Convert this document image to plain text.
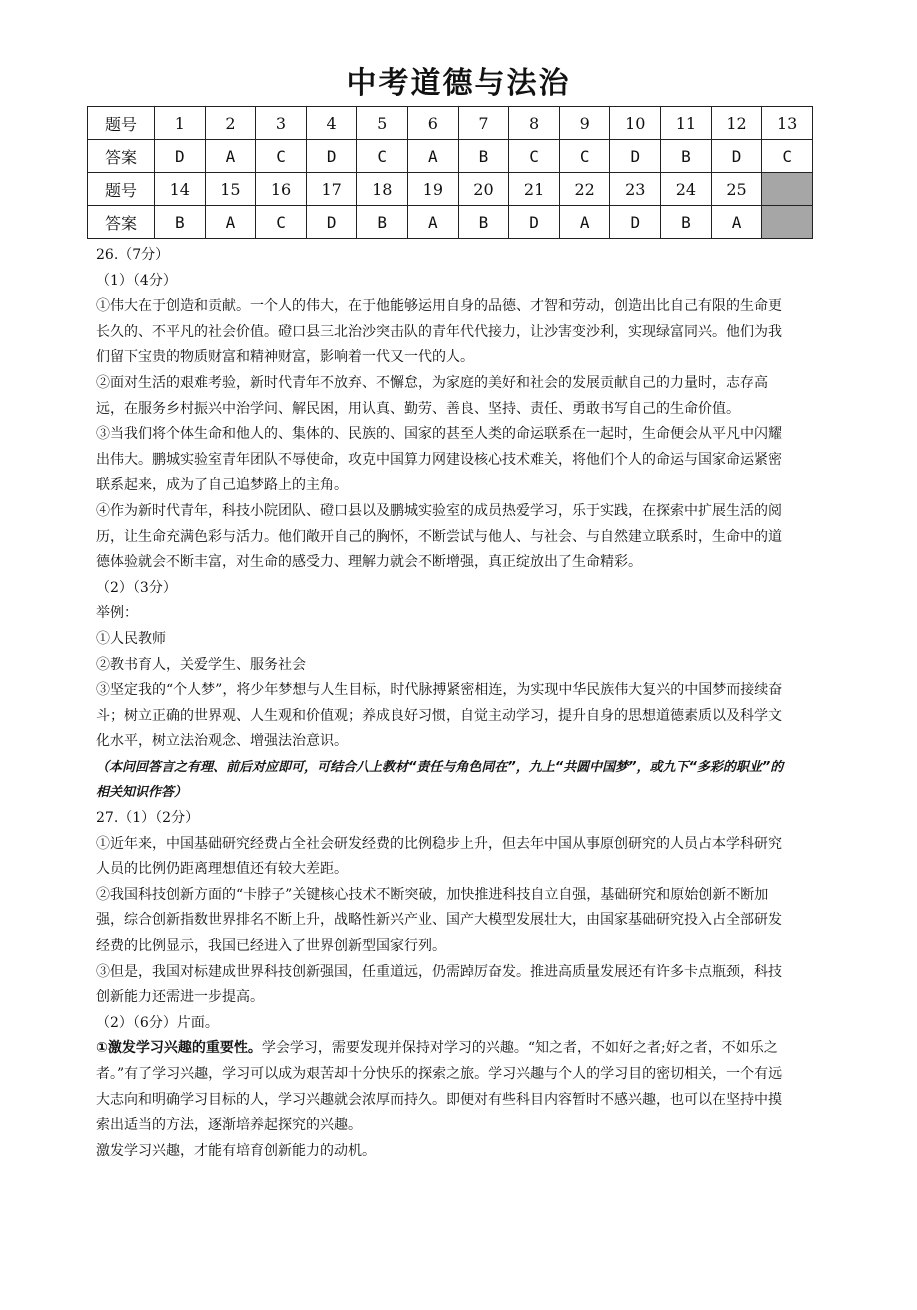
中考道德与法治
题号	1	2	3	4	5	6	7	8	9	10	11	12	13
答案	D	A	C	D	C	A	B	C	C	D	B	D	C
题号	14	15	16	17	18	19	20	21	22	23	24	25	
答案	B	A	C	D	B	A	B	D	A	D	B	A	

26.（7分）

（1）（4分）

①伟大在于创造和贡献。一个人的伟大，在于他能够运用自身的品德、才智和劳动，创造出比自己有限的生命更长久的、不平凡的社会价值。磴口县三北治沙突击队的青年代代接力，让沙害变沙利，实现绿富同兴。他们为我们留下宝贵的物质财富和精神财富，影响着一代又一代的人。

②面对生活的艰难考验，新时代青年不放弃、不懈怠，为家庭的美好和社会的发展贡献自己的力量时，志存高远，在服务乡村振兴中治学问、解民困，用认真、勤劳、善良、坚持、责任、勇敢书写自己的生命价值。

③当我们将个体生命和他人的、集体的、民族的、国家的甚至人类的命运联系在一起时，生命便会从平凡中闪耀出伟大。鹏城实验室青年团队不辱使命，攻克中国算力网建设核心技术难关，将他们个人的命运与国家命运紧密联系起来，成为了自己追梦路上的主角。

④作为新时代青年，科技小院团队、磴口县以及鹏城实验室的成员热爱学习，乐于实践，在探索中扩展生活的阅历，让生命充满色彩与活力。他们敞开自己的胸怀，不断尝试与他人、与社会、与自然建立联系时，生命中的道德体验就会不断丰富，对生命的感受力、理解力就会不断增强，真正绽放出了生命精彩。

（2）（3分）

举例：

①人民教师

②教书育人，关爱学生、服务社会

③坚定我的“个人梦”，将少年梦想与人生目标，时代脉搏紧密相连，为实现中华民族伟大复兴的中国梦而接续奋斗；树立正确的世界观、人生观和价值观；养成良好习惯，自觉主动学习，提升自身的思想道德素质以及科学文化水平，树立法治观念、增强法治意识。

（本问回答言之有理、前后对应即可，可结合八上教材“责任与角色同在”，九上“共圆中国梦”，或九下“多彩的职业”的相关知识作答）

27.（1）（2分）

①近年来，中国基础研究经费占全社会研发经费的比例稳步上升，但去年中国从事原创研究的人员占本学科研究人员的比例仍距离理想值还有较大差距。

②我国科技创新方面的“卡脖子”关键核心技术不断突破，加快推进科技自立自强，基础研究和原始创新不断加强，综合创新指数世界排名不断上升，战略性新兴产业、国产大模型发展壮大，由国家基础研究投入占全部研发经费的比例显示，我国已经进入了世界创新型国家行列。

③但是，我国对标建成世界科技创新强国，任重道远，仍需踔厉奋发。推进高质量发展还有许多卡点瓶颈，科技创新能力还需进一步提高。

（2）（6分）片面。

①激发学习兴趣的重要性。学会学习，需要发现并保持对学习的兴趣。“知之者，不如好之者;好之者，不如乐之者。”有了学习兴趣，学习可以成为艰苦却十分快乐的探索之旅。学习兴趣与个人的学习目的密切相关，一个有远大志向和明确学习目标的人，学习兴趣就会浓厚而持久。即便对有些科目内容暂时不感兴趣，也可以在坚持中摸索出适当的方法，逐渐培养起探究的兴趣。

激发学习兴趣，才能有培育创新能力的动机。
